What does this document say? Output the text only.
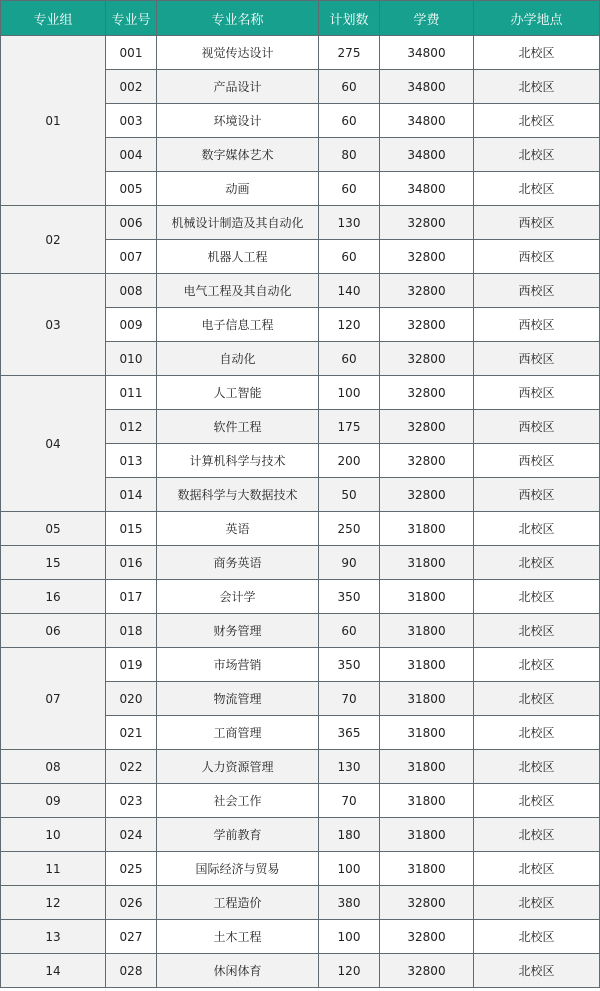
专业组	专业号	专业名称	计划数	学费	办学地点
01	001	视觉传达设计	275	34800	北校区
	002	产品设计	60	34800	北校区
	003	环境设计	60	34800	北校区
	004	数字媒体艺术	80	34800	北校区
	005	动画	60	34800	北校区
02	006	机械设计制造及其自动化	130	32800	西校区
	007	机器人工程	60	32800	西校区
03	008	电气工程及其自动化	140	32800	西校区
	009	电子信息工程	120	32800	西校区
	010	自动化	60	32800	西校区
04	011	人工智能	100	32800	西校区
	012	软件工程	175	32800	西校区
	013	计算机科学与技术	200	32800	西校区
	014	数据科学与大数据技术	50	32800	西校区
05	015	英语	250	31800	北校区
15	016	商务英语	90	31800	北校区
16	017	会计学	350	31800	北校区
06	018	财务管理	60	31800	北校区
07	019	市场营销	350	31800	北校区
	020	物流管理	70	31800	北校区
	021	工商管理	365	31800	北校区
08	022	人力资源管理	130	31800	北校区
09	023	社会工作	70	31800	北校区
10	024	学前教育	180	31800	北校区
11	025	国际经济与贸易	100	31800	北校区
12	026	工程造价	380	32800	北校区
13	027	土木工程	100	32800	北校区
14	028	休闲体育	120	32800	北校区
